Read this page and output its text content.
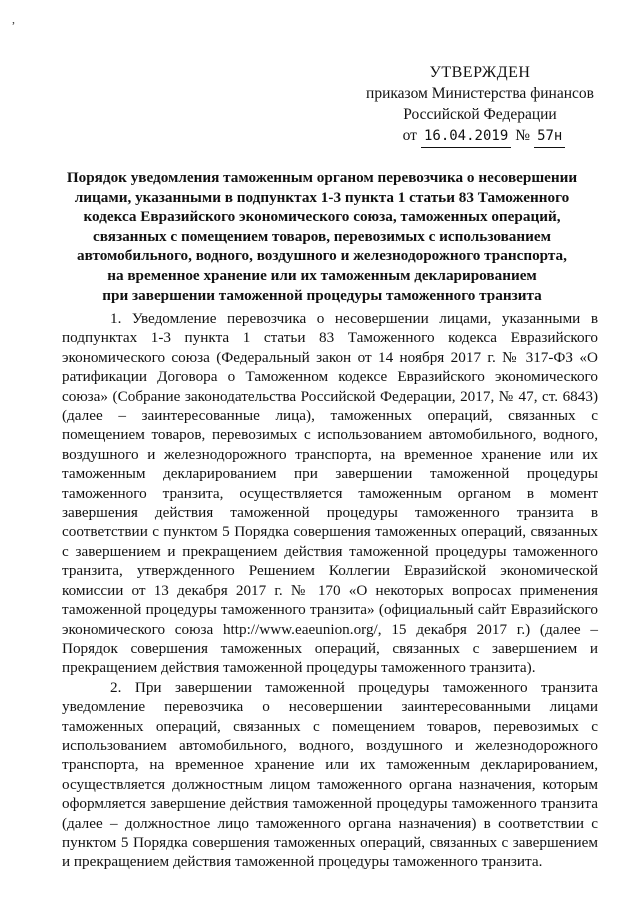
,
УТВЕРЖДЕН
приказом Министерства финансов
Российской Федерации
от 16.04.2019 № 57н
Порядок уведомления таможенным органом перевозчика о несовершении
лицами, указанными в подпунктах 1-3 пункта 1 статьи 83 Таможенного
кодекса Евразийского экономического союза, таможенных операций,
связанных с помещением товаров, перевозимых с использованием
автомобильного, водного, воздушного и железнодорожного транспорта,
на временное хранение или их таможенным декларированием
при завершении таможенной процедуры таможенного транзита

1. Уведомление перевозчика о несовершении лицами, указанными в подпунктах 1-3 пункта 1 статьи 83 Таможенного кодекса Евразийского экономического союза (Федеральный закон от 14 ноября 2017 г. № 317-ФЗ «О ратификации Договора о Таможенном кодексе Евразийского экономического союза» (Собрание законодательства Российской Федерации, 2017, № 47, ст. 6843) (далее – заинтересованные лица), таможенных операций, связанных с помещением товаров, перевозимых с использованием автомобильного, водного, воздушного и железнодорожного транспорта, на временное хранение или их таможенным декларированием при завершении таможенной процедуры таможенного транзита, осуществляется таможенным органом в момент завершения действия таможенной процедуры таможенного транзита в соответствии с пунктом 5 Порядка совершения таможенных операций, связанных с завершением и прекращением действия таможенной процедуры таможенного транзита, утвержденного Решением Коллегии Евразийской экономической комиссии от 13 декабря 2017 г. № 170 «О некоторых вопросах применения таможенной процедуры таможенного транзита» (официальный сайт Евразийского экономического союза http://www.eaeunion.org/, 15 декабря 2017 г.) (далее – Порядок совершения таможенных операций, связанных с завершением и прекращением действия таможенной процедуры таможенного транзита).

2. При завершении таможенной процедуры таможенного транзита уведомление перевозчика о несовершении заинтересованными лицами таможенных операций, связанных с помещением товаров, перевозимых с использованием автомобильного, водного, воздушного и железнодорожного транспорта, на временное хранение или их таможенным декларированием, осуществляется должностным лицом таможенного органа назначения, которым оформляется завершение действия таможенной процедуры таможенного транзита (далее – должностное лицо таможенного органа назначения) в соответствии с пунктом 5 Порядка совершения таможенных операций, связанных с завершением и прекращением действия таможенной процедуры таможенного транзита.
